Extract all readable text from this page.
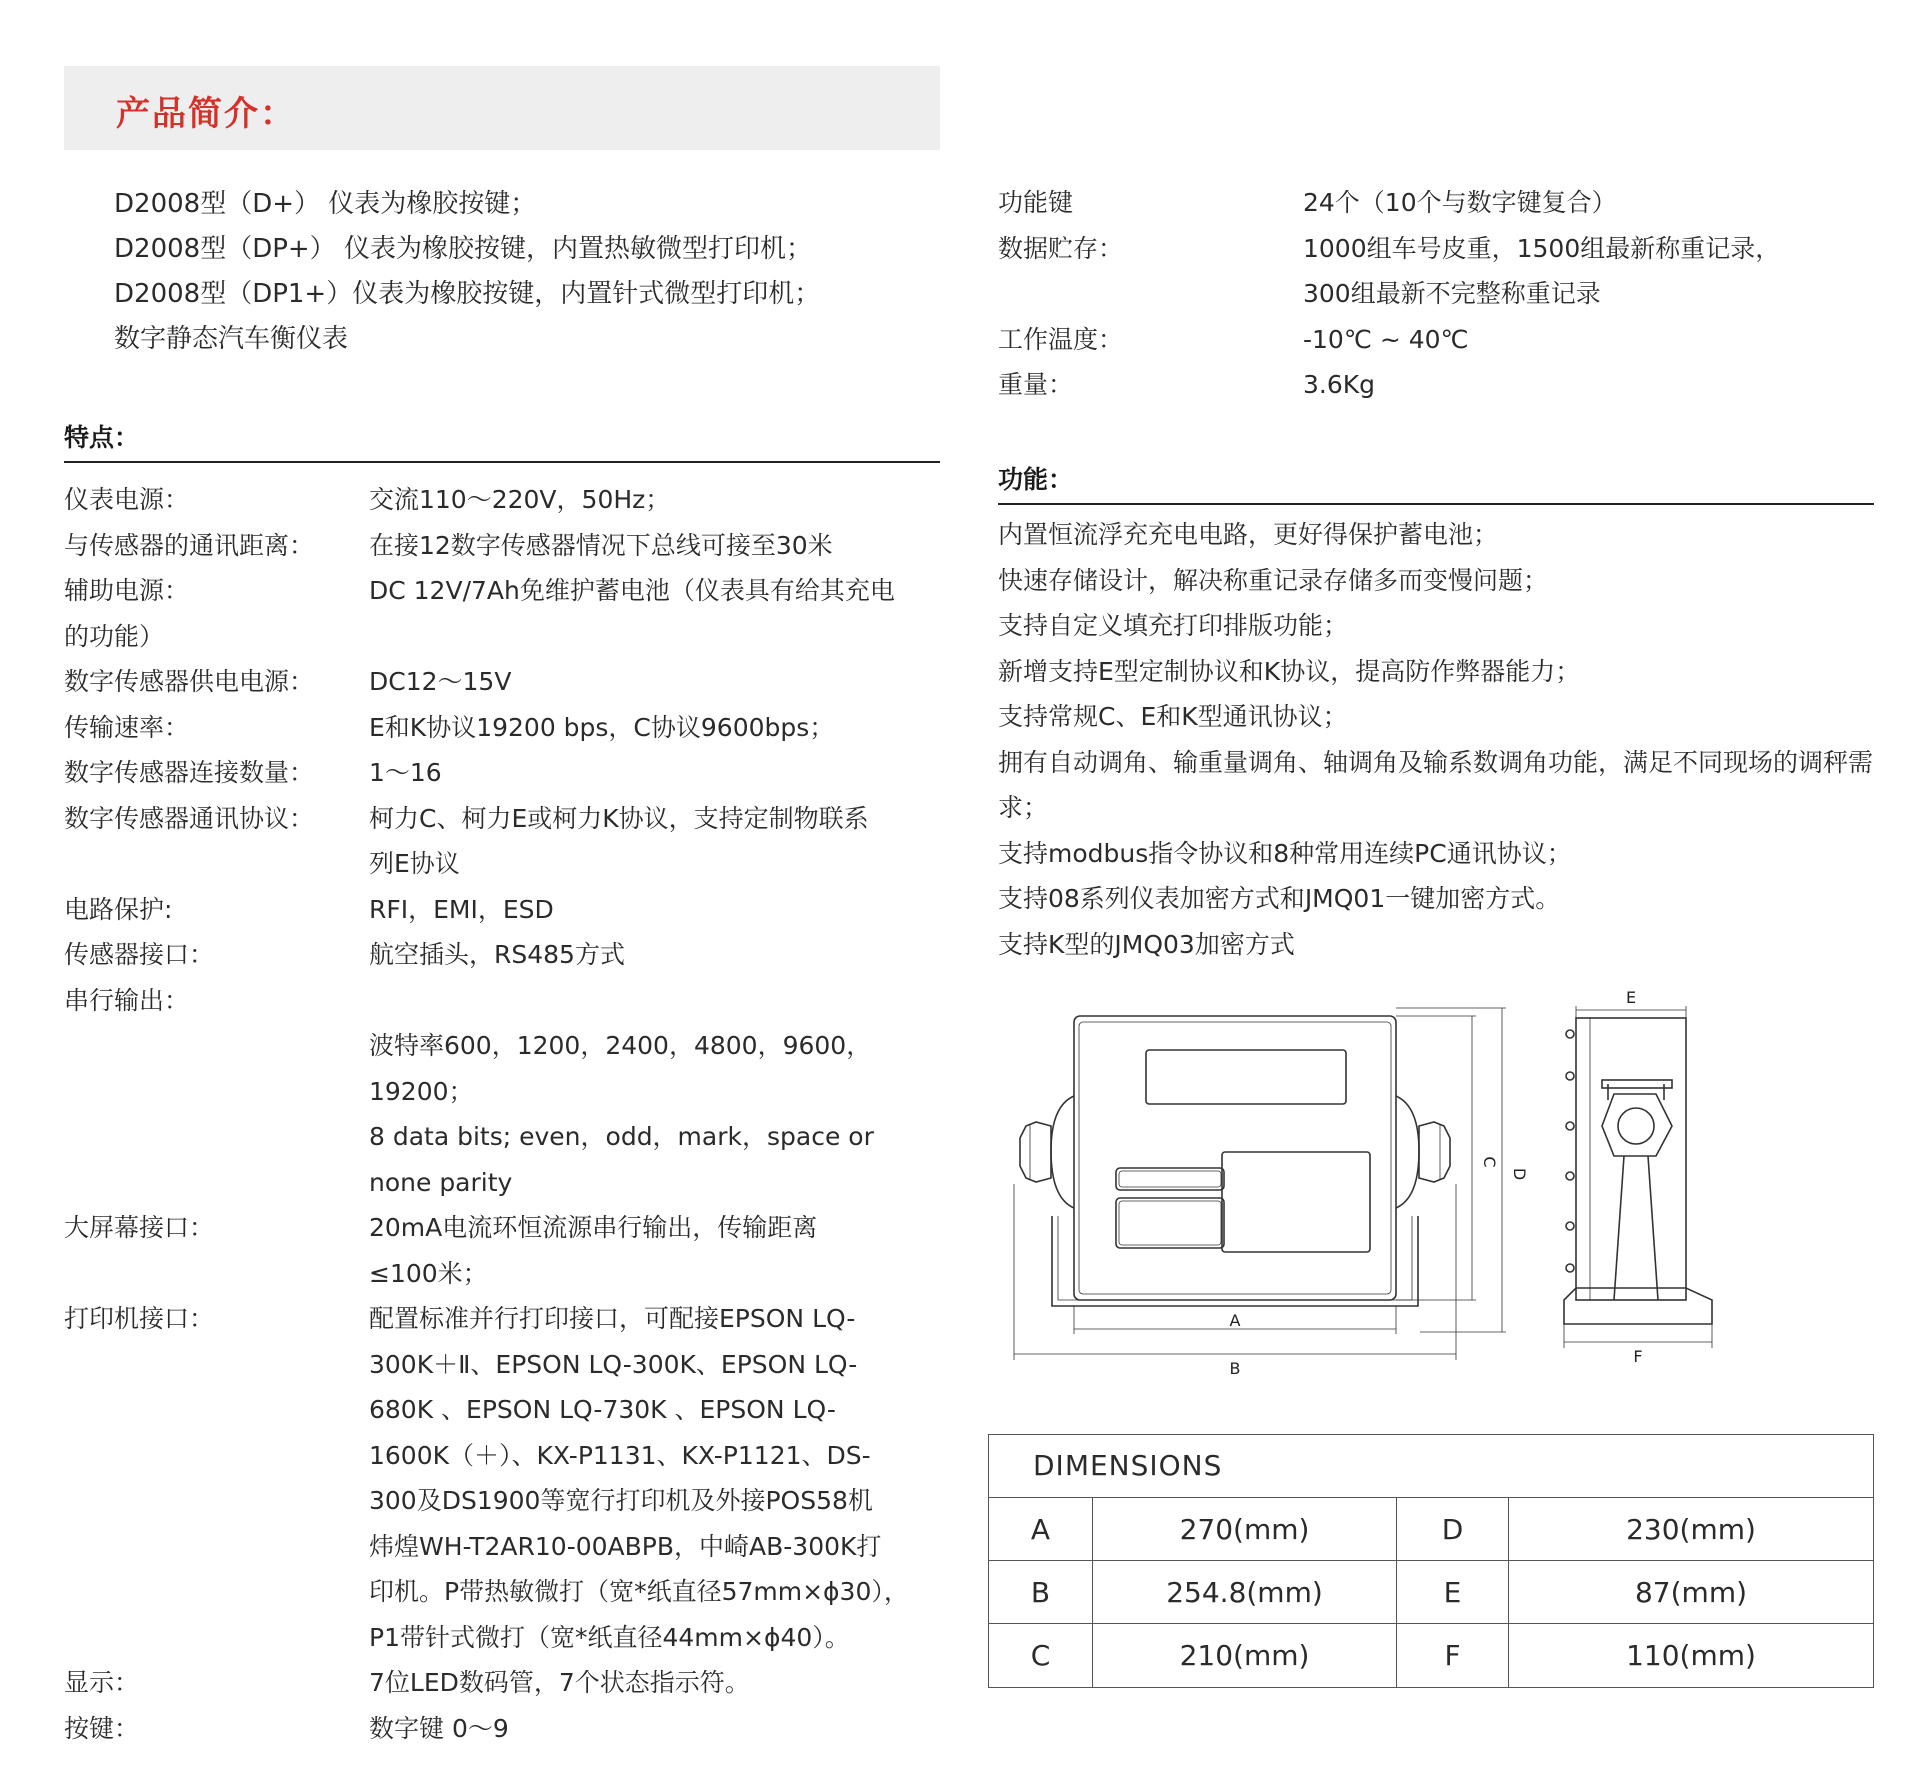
产品简介：
D2008型（D+） 仪表为橡胶按键；
D2008型（DP+） 仪表为橡胶按键，内置热敏微型打印机；
D2008型（DP1+）仪表为橡胶按键，内置针式微型打印机；
数字静态汽车衡仪表
特点：
仪表电源：	交流110～220V，50Hz；
与传感器的通讯距离： 在接12数字传感器情况下总线可接至30米
辅助电源：	DC 12V/7Ah免维护蓄电池（仪表具有给其充电
的功能）
数字传感器供电电源： DC12～15V
传输速率：	E和K协议19200 bps，C协议9600bps；
数字传感器连接数量： 1～16
数字传感器通讯协议： 柯力C、柯力E或柯力K协议，支持定制物联系
列E协议
电路保护:	RFI，EMI，ESD
传感器接口：	航空插头，RS485方式
串行输出：

波特率600，1200，2400，4800，9600，
19200；
8 data bits; even，odd，mark，space or
none parity
大屏幕接口：	20mA电流环恒流源串行输出，传输距离
≤100米；
打印机接口：	配置标准并行打印接口，可配接EPSON LQ-
300K＋Ⅱ、EPSON LQ-300K、EPSON LQ-
680K 、EPSON LQ-730K 、EPSON LQ-
1600K（＋）、KX-P1131、KX-P1121、DS-
300及DS1900等宽行打印机及外接POS58机
炜煌WH-T2AR10-00ABPB，中崎AB-300K打
印机。P带热敏微打（宽*纸直径57mm×ϕ30），
P1带针式微打（宽*纸直径44mm×ϕ40）。
显示：	7位LED数码管，7个状态指示符。
按键：	数字键 0～9
功能键	24个（10个与数字键复合）
数据贮存：	1000组车号皮重，1500组最新称重记录，
300组最新不完整称重记录
工作温度：	-10℃ ~ 40℃
重量：	3.6Kg
功能：
内置恒流浮充充电电路，更好得保护蓄电池；
快速存储设计，解决称重记录存储多而变慢问题；
支持自定义填充打印排版功能；
新增支持E型定制协议和K协议，提高防作弊器能力；
支持常规C、E和K型通讯协议；
拥有自动调角、输重量调角、轴调角及输系数调角功能，满足不同现场的调秤需求；
支持modbus指令协议和8种常用连续PC通讯协议；
支持08系列仪表加密方式和JMQ01一键加密方式。
支持K型的JMQ03加密方式
A
B
C
D
E
F
DIMENSIONS
A	270(mm)	D	230(mm)
B	254.8(mm)	E	87(mm)
C	210(mm)	F	110(mm)
